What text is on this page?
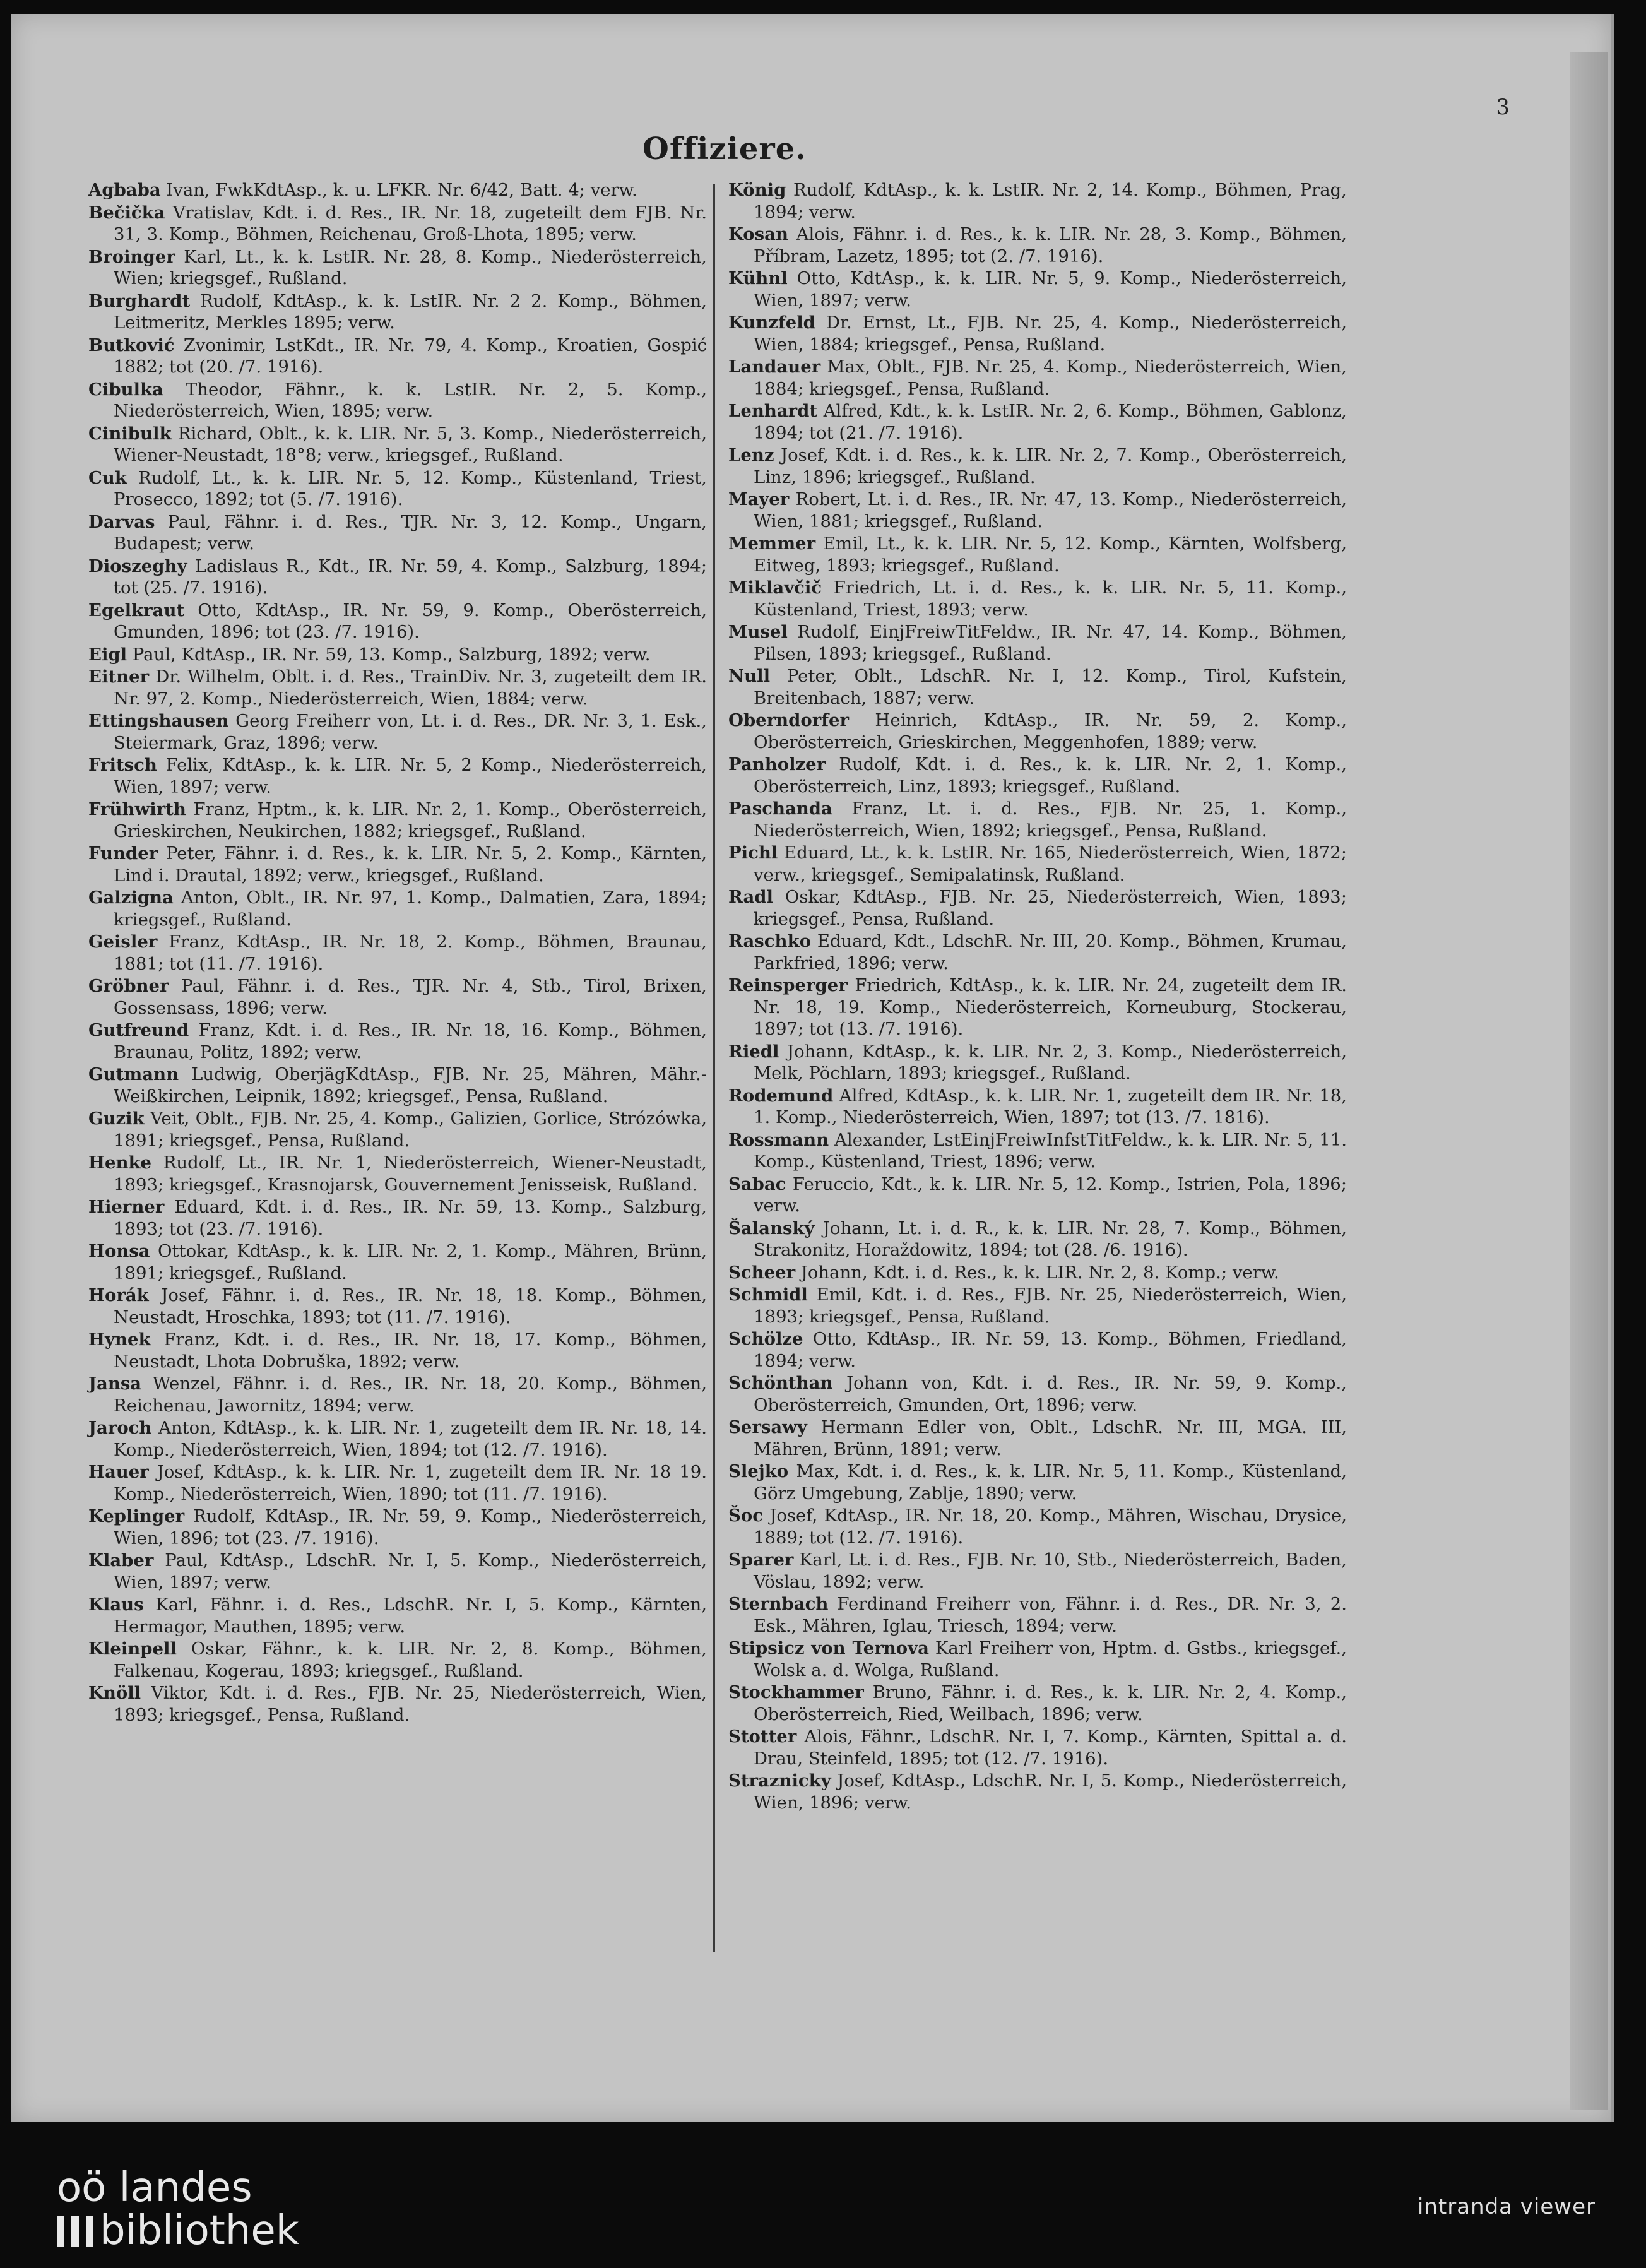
3
Offiziere.

Agbaba Ivan, FwkKdtAsp., k. u. LFKR. Nr. 6/42, Batt. 4; verw.

Bečička Vratislav, Kdt. i. d. Res., IR. Nr. 18, zugeteilt dem FJB. Nr. 31, 3. Komp., Böhmen, Reichenau, Groß-Lhota, 1895; verw.

Broinger Karl, Lt., k. k. LstIR. Nr. 28, 8. Komp., Niederösterreich, Wien; kriegsgef., Rußland.

Burghardt Rudolf, KdtAsp., k. k. LstIR. Nr. 2 2. Komp., Böhmen, Leitmeritz, Merkles 1895; verw.

Butković Zvonimir, LstKdt., IR. Nr. 79, 4. Komp., Kroatien, Gospić 1882; tot (20. /7. 1916).

Cibulka Theodor, Fähnr., k. k. LstIR. Nr. 2, 5. Komp., Niederösterreich, Wien, 1895; verw.

Cinibulk Richard, Oblt., k. k. LIR. Nr. 5, 3. Komp., Niederösterreich, Wiener-Neustadt, 18°8; verw., kriegsgef., Rußland.

Cuk Rudolf, Lt., k. k. LIR. Nr. 5, 12. Komp., Küstenland, Triest, Prosecco, 1892; tot (5. /7. 1916).

Darvas Paul, Fähnr. i. d. Res., TJR. Nr. 3, 12. Komp., Ungarn, Budapest; verw.

Dioszeghy Ladislaus R., Kdt., IR. Nr. 59, 4. Komp., Salzburg, 1894; tot (25. /7. 1916).

Egelkraut Otto, KdtAsp., IR. Nr. 59, 9. Komp., Oberösterreich, Gmunden, 1896; tot (23. /7. 1916).

Eigl Paul, KdtAsp., IR. Nr. 59, 13. Komp., Salzburg, 1892; verw.

Eitner Dr. Wilhelm, Oblt. i. d. Res., TrainDiv. Nr. 3, zugeteilt dem IR. Nr. 97, 2. Komp., Niederösterreich, Wien, 1884; verw.

Ettingshausen Georg Freiherr von, Lt. i. d. Res., DR. Nr. 3, 1. Esk., Steiermark, Graz, 1896; verw.

Fritsch Felix, KdtAsp., k. k. LIR. Nr. 5, 2 Komp., Niederösterreich, Wien, 1897; verw.

Frühwirth Franz, Hptm., k. k. LIR. Nr. 2, 1. Komp., Oberösterreich, Grieskirchen, Neukirchen, 1882; kriegsgef., Rußland.

Funder Peter, Fähnr. i. d. Res., k. k. LIR. Nr. 5, 2. Komp., Kärnten, Lind i. Drautal, 1892; verw., kriegsgef., Rußland.

Galzigna Anton, Oblt., IR. Nr. 97, 1. Komp., Dalmatien, Zara, 1894; kriegsgef., Rußland.

Geisler Franz, KdtAsp., IR. Nr. 18, 2. Komp., Böhmen, Braunau, 1881; tot (11. /7. 1916).

Gröbner Paul, Fähnr. i. d. Res., TJR. Nr. 4, Stb., Tirol, Brixen, Gossensass, 1896; verw.

Gutfreund Franz, Kdt. i. d. Res., IR. Nr. 18, 16. Komp., Böhmen, Braunau, Politz, 1892; verw.

Gutmann Ludwig, OberjägKdtAsp., FJB. Nr. 25, Mähren, Mähr.-Weißkirchen, Leipnik, 1892; kriegsgef., Pensa, Rußland.

Guzik Veit, Oblt., FJB. Nr. 25, 4. Komp., Galizien, Gorlice, Strózówka, 1891; kriegsgef., Pensa, Rußland.

Henke Rudolf, Lt., IR. Nr. 1, Niederösterreich, Wiener-Neustadt, 1893; kriegsgef., Krasnojarsk, Gouvernement Jenisseisk, Rußland.

Hierner Eduard, Kdt. i. d. Res., IR. Nr. 59, 13. Komp., Salzburg, 1893; tot (23. /7. 1916).

Honsa Ottokar, KdtAsp., k. k. LIR. Nr. 2, 1. Komp., Mähren, Brünn, 1891; kriegsgef., Rußland.

Horák Josef, Fähnr. i. d. Res., IR. Nr. 18, 18. Komp., Böhmen, Neustadt, Hroschka, 1893; tot (11. /7. 1916).

Hynek Franz, Kdt. i. d. Res., IR. Nr. 18, 17. Komp., Böhmen, Neustadt, Lhota Dobruška, 1892; verw.

Jansa Wenzel, Fähnr. i. d. Res., IR. Nr. 18, 20. Komp., Böhmen, Reichenau, Jawornitz, 1894; verw.

Jaroch Anton, KdtAsp., k. k. LIR. Nr. 1, zugeteilt dem IR. Nr. 18, 14. Komp., Niederösterreich, Wien, 1894; tot (12. /7. 1916).

Hauer Josef, KdtAsp., k. k. LIR. Nr. 1, zugeteilt dem IR. Nr. 18 19. Komp., Niederösterreich, Wien, 1890; tot (11. /7. 1916).

Keplinger Rudolf, KdtAsp., IR. Nr. 59, 9. Komp., Niederösterreich, Wien, 1896; tot (23. /7. 1916).

Klaber Paul, KdtAsp., LdschR. Nr. I, 5. Komp., Niederösterreich, Wien, 1897; verw.

Klaus Karl, Fähnr. i. d. Res., LdschR. Nr. I, 5. Komp., Kärnten, Hermagor, Mauthen, 1895; verw.

Kleinpell Oskar, Fähnr., k. k. LIR. Nr. 2, 8. Komp., Böhmen, Falkenau, Kogerau, 1893; kriegsgef., Rußland.

Knöll Viktor, Kdt. i. d. Res., FJB. Nr. 25, Niederösterreich, Wien, 1893; kriegsgef., Pensa, Rußland.

König Rudolf, KdtAsp., k. k. LstIR. Nr. 2, 14. Komp., Böhmen, Prag, 1894; verw.

Kosan Alois, Fähnr. i. d. Res., k. k. LIR. Nr. 28, 3. Komp., Böhmen, Příbram, Lazetz, 1895; tot (2. /7. 1916).

Kühnl Otto, KdtAsp., k. k. LIR. Nr. 5, 9. Komp., Niederösterreich, Wien, 1897; verw.

Kunzfeld Dr. Ernst, Lt., FJB. Nr. 25, 4. Komp., Niederösterreich, Wien, 1884; kriegsgef., Pensa, Rußland.

Landauer Max, Oblt., FJB. Nr. 25, 4. Komp., Niederösterreich, Wien, 1884; kriegsgef., Pensa, Rußland.

Lenhardt Alfred, Kdt., k. k. LstIR. Nr. 2, 6. Komp., Böhmen, Gablonz, 1894; tot (21. /7. 1916).

Lenz Josef, Kdt. i. d. Res., k. k. LIR. Nr. 2, 7. Komp., Oberösterreich, Linz, 1896; kriegsgef., Rußland.

Mayer Robert, Lt. i. d. Res., IR. Nr. 47, 13. Komp., Niederösterreich, Wien, 1881; kriegsgef., Rußland.

Memmer Emil, Lt., k. k. LIR. Nr. 5, 12. Komp., Kärnten, Wolfsberg, Eitweg, 1893; kriegsgef., Rußland.

Miklavčič Friedrich, Lt. i. d. Res., k. k. LIR. Nr. 5, 11. Komp., Küstenland, Triest, 1893; verw.

Musel Rudolf, EinjFreiwTitFeldw., IR. Nr. 47, 14. Komp., Böhmen, Pilsen, 1893; kriegsgef., Rußland.

Null Peter, Oblt., LdschR. Nr. I, 12. Komp., Tirol, Kufstein, Breitenbach, 1887; verw.

Oberndorfer Heinrich, KdtAsp., IR. Nr. 59, 2. Komp., Oberösterreich, Grieskirchen, Meggenhofen, 1889; verw.

Panholzer Rudolf, Kdt. i. d. Res., k. k. LIR. Nr. 2, 1. Komp., Oberösterreich, Linz, 1893; kriegsgef., Rußland.

Paschanda Franz, Lt. i. d. Res., FJB. Nr. 25, 1. Komp., Niederösterreich, Wien, 1892; kriegsgef., Pensa, Rußland.

Pichl Eduard, Lt., k. k. LstIR. Nr. 165, Niederösterreich, Wien, 1872; verw., kriegsgef., Semipalatinsk, Rußland.

Radl Oskar, KdtAsp., FJB. Nr. 25, Niederösterreich, Wien, 1893; kriegsgef., Pensa, Rußland.

Raschko Eduard, Kdt., LdschR. Nr. III, 20. Komp., Böhmen, Krumau, Parkfried, 1896; verw.

Reinsperger Friedrich, KdtAsp., k. k. LIR. Nr. 24, zugeteilt dem IR. Nr. 18, 19. Komp., Niederösterreich, Korneuburg, Stockerau, 1897; tot (13. /7. 1916).

Riedl Johann, KdtAsp., k. k. LIR. Nr. 2, 3. Komp., Niederösterreich, Melk, Pöchlarn, 1893; kriegsgef., Rußland.

Rodemund Alfred, KdtAsp., k. k. LIR. Nr. 1, zugeteilt dem IR. Nr. 18, 1. Komp., Niederösterreich, Wien, 1897; tot (13. /7. 1816).

Rossmann Alexander, LstEinjFreiwInfstTitFeldw., k. k. LIR. Nr. 5, 11. Komp., Küstenland, Triest, 1896; verw.

Sabac Feruccio, Kdt., k. k. LIR. Nr. 5, 12. Komp., Istrien, Pola, 1896; verw.

Šalanský Johann, Lt. i. d. R., k. k. LIR. Nr. 28, 7. Komp., Böhmen, Strakonitz, Horaždowitz, 1894; tot (28. /6. 1916).

Scheer Johann, Kdt. i. d. Res., k. k. LIR. Nr. 2, 8. Komp.; verw.

Schmidl Emil, Kdt. i. d. Res., FJB. Nr. 25, Niederösterreich, Wien, 1893; kriegsgef., Pensa, Rußland.

Schölze Otto, KdtAsp., IR. Nr. 59, 13. Komp., Böhmen, Friedland, 1894; verw.

Schönthan Johann von, Kdt. i. d. Res., IR. Nr. 59, 9. Komp., Oberösterreich, Gmunden, Ort, 1896; verw.

Sersawy Hermann Edler von, Oblt., LdschR. Nr. III, MGA. III, Mähren, Brünn, 1891; verw.

Slejko Max, Kdt. i. d. Res., k. k. LIR. Nr. 5, 11. Komp., Küstenland, Görz Umgebung, Zablje, 1890; verw.

Šoc Josef, KdtAsp., IR. Nr. 18, 20. Komp., Mähren, Wischau, Drysice, 1889; tot (12. /7. 1916).

Sparer Karl, Lt. i. d. Res., FJB. Nr. 10, Stb., Niederösterreich, Baden, Vöslau, 1892; verw.

Sternbach Ferdinand Freiherr von, Fähnr. i. d. Res., DR. Nr. 3, 2. Esk., Mähren, Iglau, Triesch, 1894; verw.

Stipsicz von Ternova Karl Freiherr von, Hptm. d. Gstbs., kriegsgef., Wolsk a. d. Wolga, Rußland.

Stockhammer Bruno, Fähnr. i. d. Res., k. k. LIR. Nr. 2, 4. Komp., Oberösterreich, Ried, Weilbach, 1896; verw.

Stotter Alois, Fähnr., LdschR. Nr. I, 7. Komp., Kärnten, Spittal a. d. Drau, Steinfeld, 1895; tot (12. /7. 1916).

Straznicky Josef, KdtAsp., LdschR. Nr. I, 5. Komp., Niederösterreich, Wien, 1896; verw.

oö landes
bibliothek
intranda viewer
